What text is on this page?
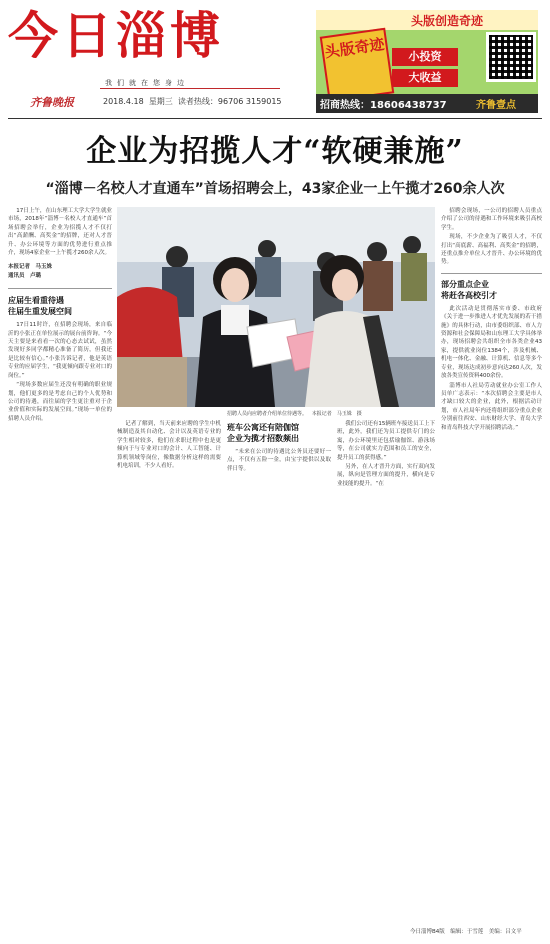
今日淄博
我们就在您身边
齐鲁晚报	2018.4.18 星期三 读者热线：96706 3159015
头版创造奇迹
头版奇迹	小投资
大收益
招商热线：18606438737	齐鲁壹点
企业为招揽人才“软硬兼施”
“淄博－名校人才直通车”首场招聘会上，43家企业一上午揽才260余人次

17日上午，在山东理工大学大学生就业市场，2018年“淄博－名校人才直通车”首场招聘会举行，企业为招揽人才不仅打出“高薪酬、高奖金”的招牌，还对人才晋升、办公环境等方面的优势进行重点推介，现场4家企业一上午揽才260余人次。

本报记者　马玉姝
通讯员　卢璐
应届生看重待遇
往届生重发展空间

17日11时许，在招聘会现场，来自临沂的小张正在单位展示的展台前咨询。“今天主要是来看看一次的心态去试试，虽然发现好多同学都精心准备了简历，但我还是比较有信心。”小张告诉记者，他是英语专业的应届学生，“我更倾向跟专业对口的岗位。”

“现场多数应届生还没有明确的职业规划，他们更多的是考虑自己的个人优势和公司的待遇，而往届的学生更注重对于企业价值和实际的发展空间。”现场一单位的招聘人员介绍。

招聘人员向应聘者介绍单位待遇等。 本报记者　马玉姝　摄

记者了解到，当天前来应聘的学生中机械制造及其自动化、会计以及英语专业的学生相对较多，他们在求职过程中也是更倾向于与专业对口的会计、人工智能、计算机领域等岗位，像数据分析这样的需要机电培训，不少人看好。

班车公寓还有陪伽馆
企业为揽才招数频出

“未来在公司的待遇比公务员还要好一点，不仅有五险一金，由宝宇提供以及取伴日等。

我们公司还有15辆班车接送员工上下班，此外，我们还为员工提供专门的公寓，办公环境里还包括瑜伽馆、游泳场等，在公司就实力范围和员工的安全，提升员工的获得感。”

另外，在人才晋升方面，实行双向发展，纵向是管理方面的提升，横向是专业技能的提升。“在

招聘会现场，一公司的招聘人员重点介绍了公司的待遇和工作环境来吸引高校学生。

现场，不少企业为了吸引人才，不仅打出“高底薪、高福利、高奖金”的招聘，还重点推介单位人才晋升、办公环境的优势。

部分重点企业
将赶各高校引才

此次活动是贯彻落实市委、市政府《关于进一步推进人才优先发展的若干措施》的具体行动，由市委组织部、市人力资源和社会保障局和山东理工大学具体举办，现场招聘会共组织全市各类企业43家，提供就业岗位1384个，涉及机械、机电一体化、金融、计算机、信息等多个专业，现场达成初步意向达260人次，发放各类宣传资料400余份。

淄博市人社局劳动就业办公室工作人员单广志表示：“本次招聘会主要是市人才缺口较大的企业，此外，根据活动计划，市人社局年内还将组织部分重点企业分别前往西安、山东财经大学、青岛大学和青岛科技大学开展招聘活动。”

今日淄博B4版　编辑：于雪莲　美编：吕文平
